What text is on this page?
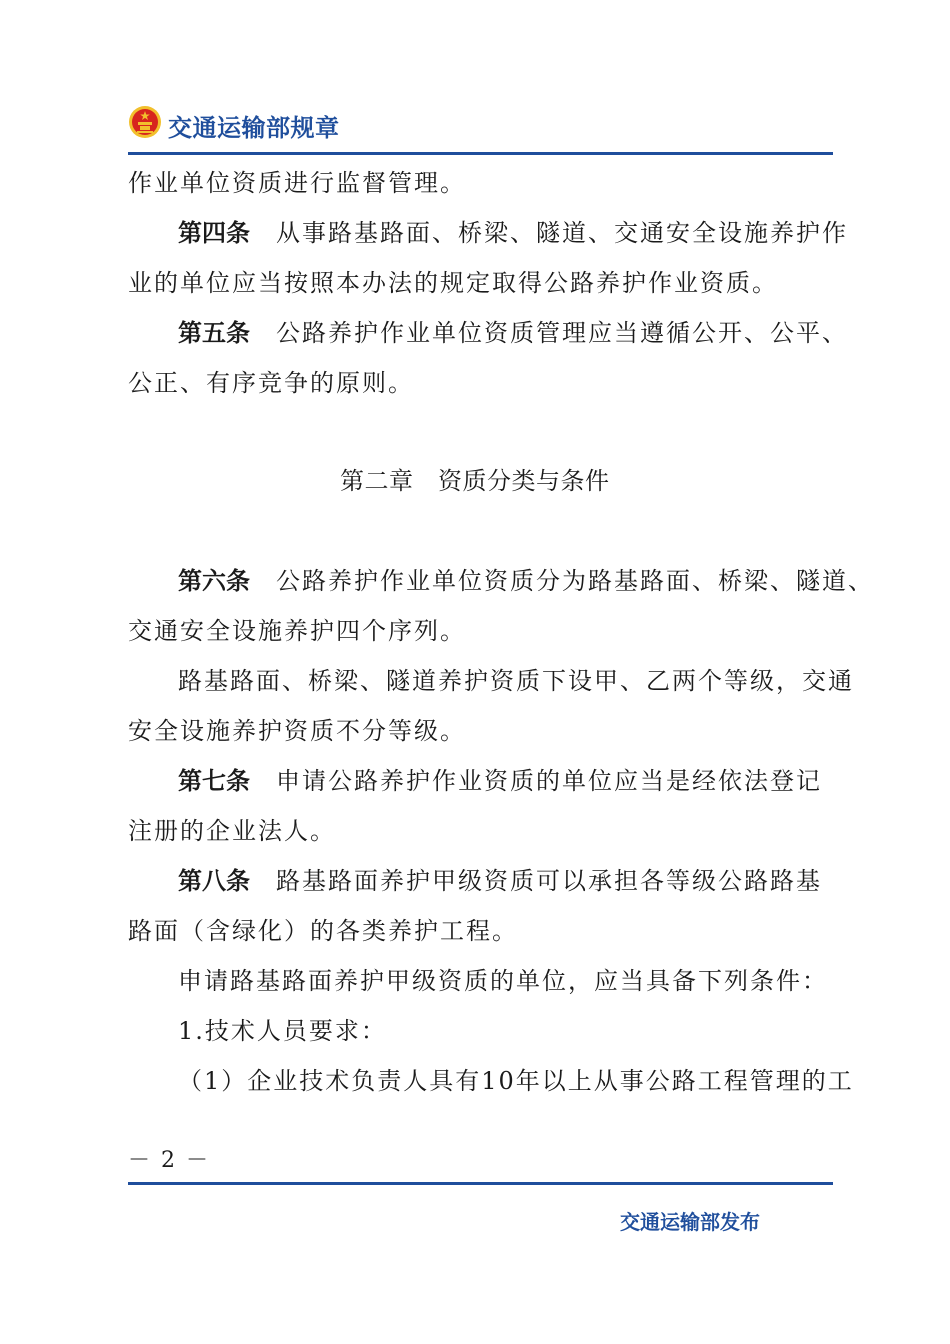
交通运输部规章
作业单位资质进行监督管理。
第四条 从事路基路面、桥梁、隧道、交通安全设施养护作
业的单位应当按照本办法的规定取得公路养护作业资质。
第五条 公路养护作业单位资质管理应当遵循公开、公平、
公正、有序竞争的原则。
第二章　资质分类与条件
第六条 公路养护作业单位资质分为路基路面、桥梁、隧道、
交通安全设施养护四个序列。
路基路面、桥梁、隧道养护资质下设甲、乙两个等级，交通
安全设施养护资质不分等级。
第七条 申请公路养护作业资质的单位应当是经依法登记
注册的企业法人。
第八条 路基路面养护甲级资质可以承担各等级公路路基
路面（含绿化）的各类养护工程。
申请路基路面养护甲级资质的单位，应当具备下列条件：
1.技术人员要求：
（1）企业技术负责人具有10年以上从事公路工程管理的工
－ 2 －
交通运输部发布
